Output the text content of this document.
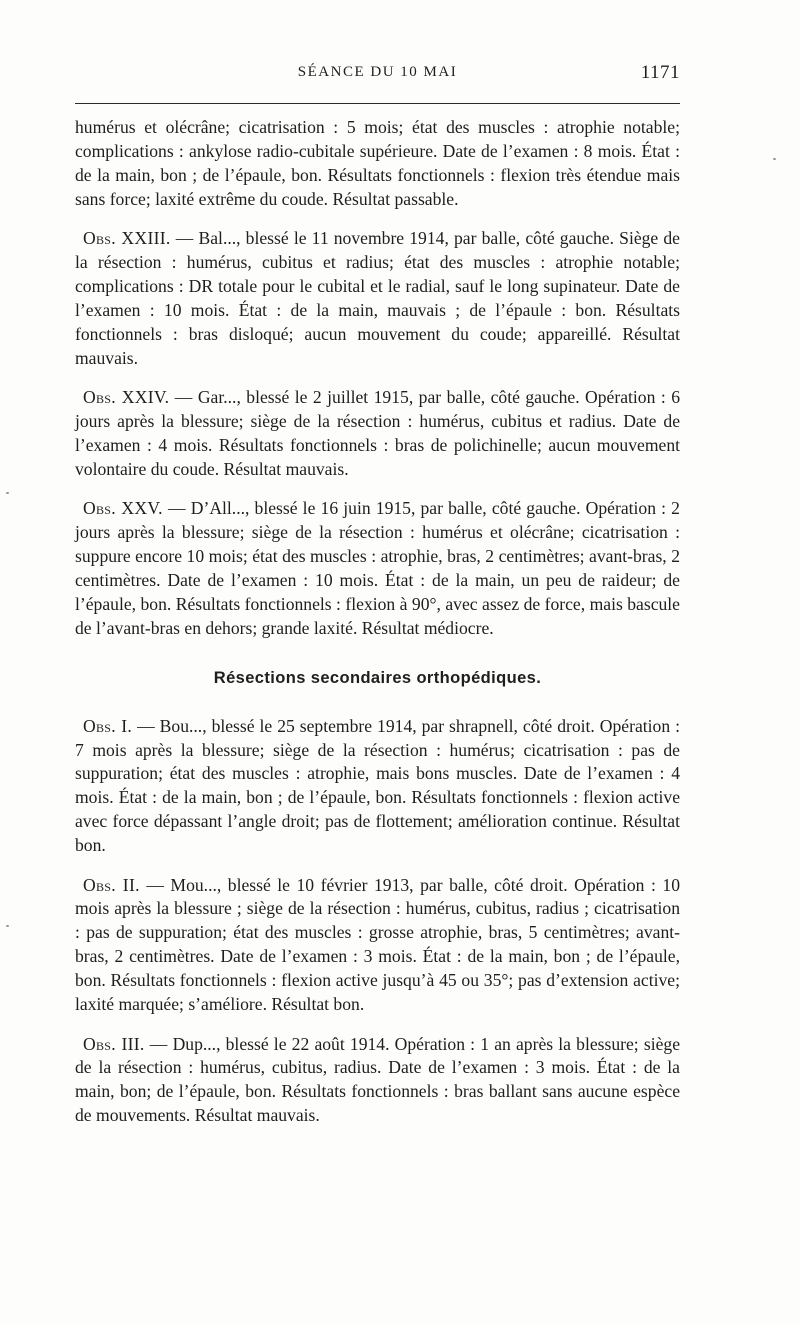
SÉANCE DU 10 MAI	1171

humérus et olécrâne; cicatrisation : 5 mois; état des muscles : atrophie notable; complications : ankylose radio-cubitale supérieure. Date de l’examen : 8 mois. État : de la main, bon ; de l’épaule, bon. Résultats fonctionnels : flexion très étendue mais sans force; laxité extrême du coude. Résultat passable.

Obs. XXIII. — Bal..., blessé le 11 novembre 1914, par balle, côté gauche. Siège de la résection : humérus, cubitus et radius; état des muscles : atrophie notable; complications : DR totale pour le cubital et le radial, sauf le long supinateur. Date de l’examen : 10 mois. État : de la main, mauvais ; de l’épaule : bon. Résultats fonctionnels : bras disloqué; aucun mouvement du coude; appareillé. Résultat mauvais.

Obs. XXIV. — Gar..., blessé le 2 juillet 1915, par balle, côté gauche. Opération : 6 jours après la blessure; siège de la résection : humérus, cubitus et radius. Date de l’examen : 4 mois. Résultats fonctionnels : bras de polichinelle; aucun mouvement volontaire du coude. Résultat mauvais.

Obs. XXV. — D’All..., blessé le 16 juin 1915, par balle, côté gauche. Opération : 2 jours après la blessure; siège de la résection : humérus et olécrâne; cicatrisation : suppure encore 10 mois; état des muscles : atrophie, bras, 2 centimètres; avant-bras, 2 centimètres. Date de l’examen : 10 mois. État : de la main, un peu de raideur; de l’épaule, bon. Résultats fonctionnels : flexion à 90°, avec assez de force, mais bascule de l’avant-bras en dehors; grande laxité. Résultat médiocre.

Résections secondaires orthopédiques.

Obs. I. — Bou..., blessé le 25 septembre 1914, par shrapnell, côté droit. Opération : 7 mois après la blessure; siège de la résection : humérus; cicatrisation : pas de suppuration; état des muscles : atrophie, mais bons muscles. Date de l’examen : 4 mois. État : de la main, bon ; de l’épaule, bon. Résultats fonctionnels : flexion active avec force dépassant l’angle droit; pas de flottement; amélioration continue. Résultat bon.

Obs. II. — Mou..., blessé le 10 février 1913, par balle, côté droit. Opération : 10 mois après la blessure ; siège de la résection : humérus, cubitus, radius ; cicatrisation : pas de suppuration; état des muscles : grosse atrophie, bras, 5 centimètres; avant-bras, 2 centimètres. Date de l’examen : 3 mois. État : de la main, bon ; de l’épaule, bon. Résultats fonctionnels : flexion active jusqu’à 45 ou 35°; pas d’extension active; laxité marquée; s’améliore. Résultat bon.

Obs. III. — Dup..., blessé le 22 août 1914. Opération : 1 an après la blessure; siège de la résection : humérus, cubitus, radius. Date de l’examen : 3 mois. État : de la main, bon; de l’épaule, bon. Résultats fonctionnels : bras ballant sans aucune espèce de mouvements. Résultat mauvais.
